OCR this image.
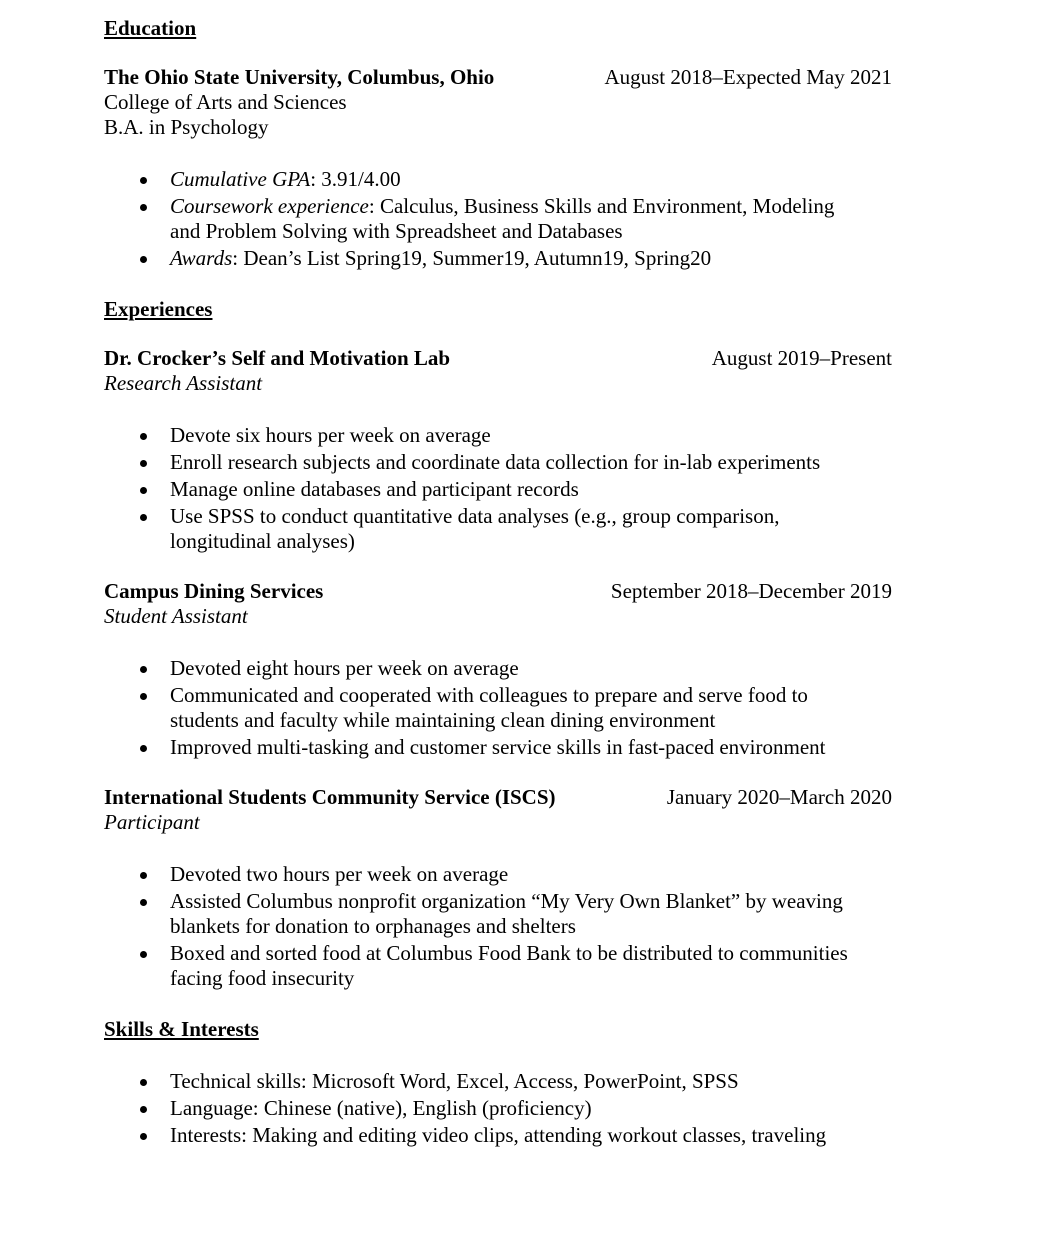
Education

The Ohio State University, Columbus, Ohio	August 2018–Expected May 2021
College of Arts and Sciences
B.A. in Psychology
Cumulative GPA: 3.91/4.00
Coursework experience: Calculus, Business Skills and Environment, Modeling
and Problem Solving with Spreadsheet and Databases
Awards: Dean’s List Spring19, Summer19, Autumn19, Spring20

Experiences

Dr. Crocker’s Self and Motivation Lab	August 2019–Present
Research Assistant
Devote six hours per week on average
Enroll research subjects and coordinate data collection for in-lab experiments
Manage online databases and participant records
Use SPSS to conduct quantitative data analyses (e.g., group comparison,
longitudinal analyses)
Campus Dining Services	September 2018–December 2019
Student Assistant
Devoted eight hours per week on average
Communicated and cooperated with colleagues to prepare and serve food to
students and faculty while maintaining clean dining environment
Improved multi-tasking and customer service skills in fast-paced environment
International Students Community Service (ISCS)	January 2020–March 2020
Participant
Devoted two hours per week on average
Assisted Columbus nonprofit organization “My Very Own Blanket” by weaving
blankets for donation to orphanages and shelters
Boxed and sorted food at Columbus Food Bank to be distributed to communities
facing food insecurity

Skills & Interests

Technical skills: Microsoft Word, Excel, Access, PowerPoint, SPSS
Language: Chinese (native), English (proficiency)
Interests: Making and editing video clips, attending workout classes, traveling
